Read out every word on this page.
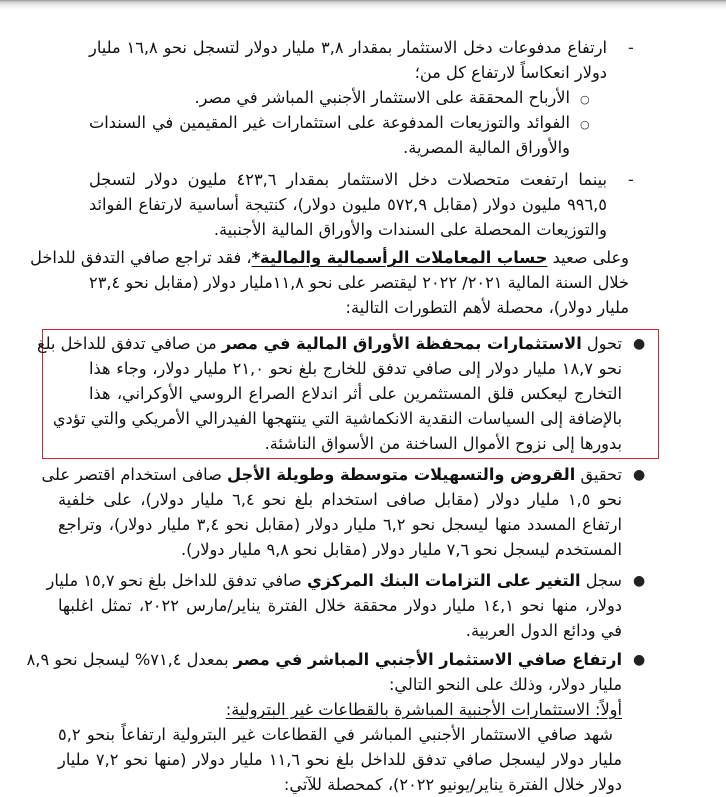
-
ارتفاع مدفوعات دخل الاستثمار بمقدار ٣,٨ مليار دولار لتسجل نحو ١٦,٨ مليار
دولار انعكاساً لارتفاع كل من؛
○
الأرباح المحققة على الاستثمار الأجنبي المباشر في مصر.
○
الفوائد والتوزيعات المدفوعة على استثمارات غير المقيمين في السندات
والأوراق المالية المصرية.
-
بينما ارتفعت متحصلات دخل الاستثمار بمقدار ٤٢٣,٦ مليون دولار لتسجل
٩٩٦,٥ مليون دولار (مقابل ٥٧٢,٩ مليون دولار)، كنتيجة أساسية لارتفاع الفوائد
والتوزيعات المحصلة على السندات والأوراق المالية الأجنبية.
وعلى صعيد حساب المعاملات الرأسمالية والمالية*، فقد تراجع صافي التدفق للداخل
خلال السنة المالية ٢٠٢١/ ٢٠٢٢ ليقتصر على نحو ١١,٨مليار دولار (مقابل نحو ٢٣,٤
مليار دولار)، محصلة لأهم التطورات التالية:
●
تحول الاستثمارات بمحفظة الأوراق المالية في مصر من صافي تدفق للداخل بلغ
نحو ١٨,٧ مليار دولار إلى صافي تدفق للخارج بلغ نحو ٢١,٠ مليار دولار، وجاء هذا
التخارج ليعكس قلق المستثمرين على أثر اندلاع الصراع الروسي الأوكراني، هذا
بالإضافة إلى السياسات النقدية الانكماشية التي ينتهجها الفيدرالي الأمريكي والتي تؤدي
بدورها إلى نزوح الأموال الساخنة من الأسواق الناشئة.
●
تحقيق القروض والتسهيلات متوسطة وطويلة الأجل صافى استخدام اقتصر على
نحو ١,٥ مليار دولار (مقابل صافى استخدام بلغ نحو ٦,٤ مليار دولار)، على خلفية
ارتفاع المسدد منها ليسجل نحو ٦,٢ مليار دولار (مقابل نحو ٣,٤ مليار دولار)، وتراجع
المستخدم ليسجل نحو ٧,٦ مليار دولار (مقابل نحو ٩,٨ مليار دولار).
●
سجل التغير على التزامات البنك المركزي صافي تدفق للداخل بلغ نحو ١٥,٧ مليار
دولار، منها نحو ١٤,١ مليار دولار محققة خلال الفترة يناير/مارس ٢٠٢٢، تمثل اغلبها
في ودائع الدول العربية.
●
ارتفاع صافي الاستثمار الأجنبي المباشر في مصر بمعدل ٧١,٤% ليسجل نحو ٨,٩
مليار دولار، وذلك على النحو التالي:
أولاً: الاستثمارات الأجنبية المباشرة بالقطاعات غير البترولية:
شهد صافي الاستثمار الأجنبي المباشر في القطاعات غير البترولية ارتفاعاً بنحو ٥,٢
مليار دولار ليسجل صافي تدفق للداخل بلغ نحو ١١,٦ مليار دولار (منها نحو ٧,٢ مليار
دولار خلال الفترة يناير/يونيو ٢٠٢٢)، كمحصلة للآتي:
